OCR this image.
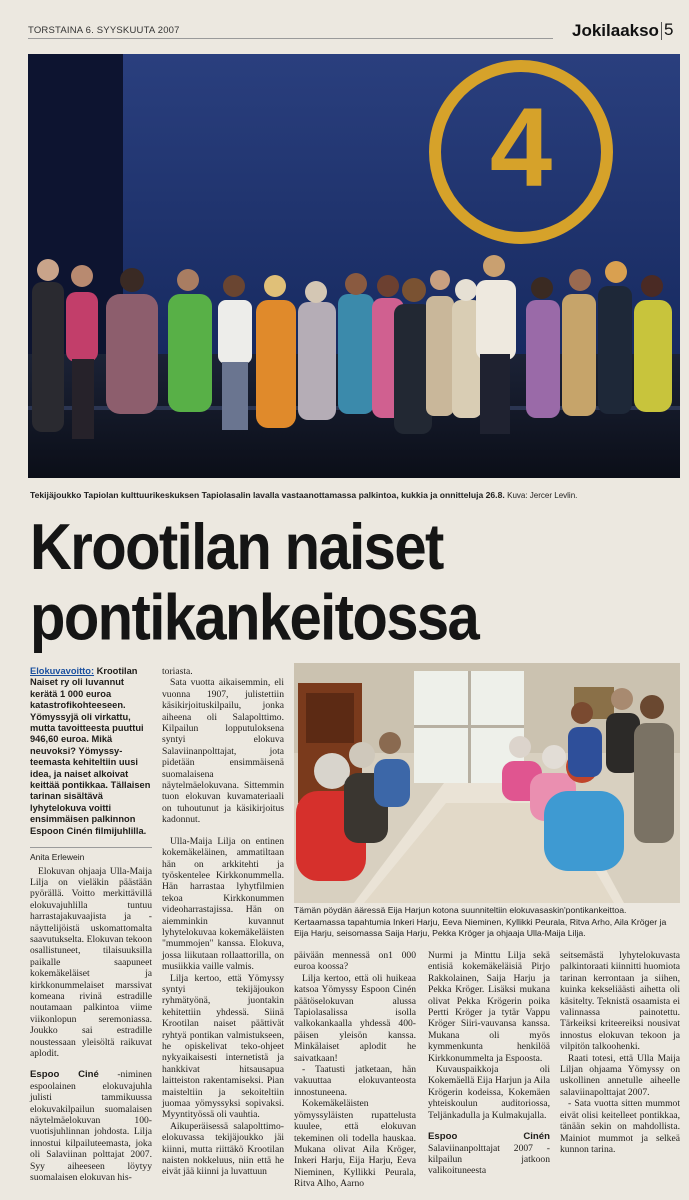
TORSTAINA 6. SYYSKUUTA 2007	Jokilaakso 5
4
Tekijäjoukko Tapiolan kulttuurikeskuksen Tapiolasalin lavalla vastaanottamassa palkintoa, kukkia ja onnitteluja 26.8. Kuva: Jercer Levlin.
Krootilan naiset
pontikankeitossa

Elokuvavoitto: Krootilan Naiset ry oli luvannut kerätä 1 000 euroa katastrofikohteeseen. Yömyssyjä oli virkattu, mutta tavoitteesta puuttui 946,60 euroa. Mikä neuvoksi? Yömyssy-teemasta kehiteltiin uusi idea, ja naiset alkoivat keittää pontikkaa. Tällaisen tarinan sisältävä lyhytelokuva voitti ensimmäisen palkinnon Espoon Cinén filmijuhlilla.

Anita Erlewein

Elokuvan ohjaaja Ulla-Maija Lilja on vieläkin päästään pyörällä. Voitto merkittävillä elokuvajuhlilla tuntuu harrastajakuvaajista ja -näyttelijöistä uskomattomalta saavutukselta. Elokuvan tekoon osallistuneet, tilaisuuksilla paikalle saapuneet kokemäkeläiset ja kirkkonummelaiset marssivat komeana rivinä estradille noutamaan palkintoa viime viikonlopun seremoniassa. Joukko sai estradille noustessaan yleisöltä raikuvat aplodit.

Espoo Ciné -niminen espoolainen elokuvajuhla julisti tammikuussa elokuvakilpailun suomalaisen näytelmäelokuvan 100-vuotisjuhlinnan johdosta. Lilja innostui kilpailuteemasta, joka oli Salaviinan polttajat 2007. Syy aiheeseen löytyy suomalaisen elokuvan his-

toriasta.

Sata vuotta aikaisemmin, eli vuonna 1907, julistettiin käsikirjoituskilpailu, jonka aiheena oli Salapolttimo. Kilpailun lopputuloksena syntyi elokuva Salaviinanpolttajat, jota pidetään ensimmäisenä suomalaisena näytelmäelokuvana. Sittemmin tuon elokuvan kuvamateriaali on tuhoutunut ja käsikirjoitus kadonnut.

Ulla-Maija Lilja on entinen kokemäkeläinen, ammatiltaan hän on arkkitehti ja työskentelee Kirkkonummella. Hän harrastaa lyhytfilmien tekoa Kirkkonummen videoharrastajissa. Hän on aiemminkin kuvannut lyhytelokuvaa kokemäkeläisten "mummojen" kanssa. Elokuva, jossa liikutaan rollaattorilla, on musiikkia vaille valmis.

Lilja kertoo, että Yömyssy syntyi tekijäjoukon ryhmätyönä, juontakin kehitettiin yhdessä. Siinä Krootilan naiset päättivät ryhtyä pontikan valmistukseen, he opiskelivat teko-ohjeet nykyaikaisesti internetistä ja hankkivat hitsausapua laitteiston rakentamiseksi. Pian maisteltiin ja sekoiteltiin juomaa yömyssyksi sopivaksi. Myyntityössä oli vauhtia.

Aikuperäisessä salapolttimo-elokuvassa tekijäjoukko jäi kiinni, mutta riittäkö Krootilan naisten nokkeluus, niin että he eivät jää kiinni ja luvattuun

Tämän pöydän ääressä Eija Harjun kotona suunniteltiin elokuvasaskin'pontikankeittoa. Kertaamassa tapahtumia Inkeri Harju, Eeva Nieminen, Kyllikki Peurala, Ritva Arho, Aila Kröger ja Eija Harju, seisomassa Saija Harju, Pekka Kröger ja ohjaaja Ulla-Maija Lilja.

päivään mennessä on1 000 euroa koossa?

Lilja kertoo, että oli huikeaa katsoa Yömyssy Espoon Cinén päätöselokuvan alussa Tapiolasalissa isolla valkokankaalla yhdessä 400-päisen yleisön kanssa. Minkälaiset aplodit he saivatkaan!

- Taatusti jatketaan, hän vakuuttaa elokuvanteosta innostuneena.

Kokemäkeläisten yömyssyläisten rupattelusta kuulee, että elokuvan tekeminen oli todella hauskaa. Mukana olivat Aila Kröger, Inkeri Harju, Eija Harju, Eeva Nieminen, Kyllikki Peurala, Ritva Alho, Aarno

Nurmi ja Minttu Lilja sekä entisiä kokemäkeläisiä Pirjo Rakkolainen, Saija Harju ja Pekka Kröger. Lisäksi mukana olivat Pekka Krögerin poika Pertti Kröger ja tytär Vappu Kröger Siiri-vauvansa kanssa. Mukana oli myös kymmenkunta henkilöä Kirkkonummelta ja Espoosta.

Kuvauspaikkoja oli Kokemäellä Eija Harjun ja Aila Krögerin kodeissa, Kokemäen yhteiskoulun auditoriossa, Teljänkadulla ja Kulmakujalla.

Espoo Cinén Salaviinanpolttajat 2007 -kilpailun jatkoon valikoituneesta

seitsemästä lyhytelokuvasta palkintoraati kiinnitti huomiota tarinan kerrontaan ja siihen, kuinka kekseliäästi aihetta oli käsitelty. Teknistä osaamista ei valinnassa painotettu. Tärkeiksi kriteereiksi nousivat innostus elokuvan tekoon ja vilpitön talkoohenki.

Raati totesi, että Ulla Maija Liljan ohjaama Yömyssy on uskollinen annetulle aiheelle salaviinapolttajat 2007.

- Sata vuotta sitten mummot eivät olisi keitelleet pontikkaa, tänään sekin on mahdollista. Mainiot mummot ja selkeä kunnon tarina.
